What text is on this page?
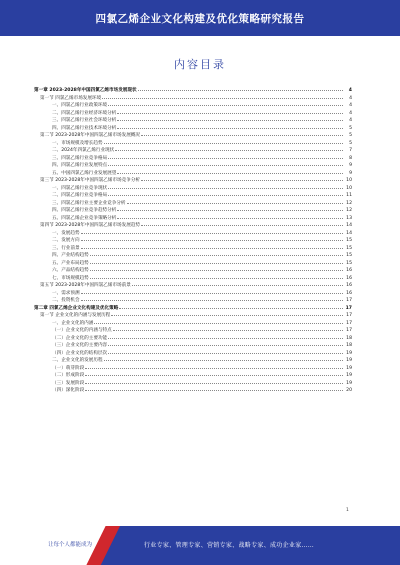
四氯乙烯企业文化构建及优化策略研究报告
内容目录
第一章 2023-2028年中国四氯乙烯市场发展现状	4
第一节 四氯乙烯市场发展环境	4
一、四氯乙烯行业政策环境	4
二、四氯乙烯行业经济环境分析	4
三、四氯乙烯行业社会环境分析	4
四、四氯乙烯行业技术环境分析	5
第二节 2023-2028年中国四氯乙烯市场发展概况	5
一、市场规模及增长趋势	5
二、2024年四氯乙烯行业现状	7
三、四氯乙烯行业竞争格局	8
四、四氯乙烯行业发展特点	9
五、中国四氯乙烯行业发展展望	9
第三节 2023-2028年中国四氯乙烯市场竞争分析	10
一、四氯乙烯行业竞争现状	10
二、四氯乙烯行业竞争格局	11
三、四氯乙烯行业主要企业竞争分析	12
四、四氯乙烯行业竞争趋势分析	12
五、四氯乙烯企业竞争策略分析	13
第四节 2023-2028年中国四氯乙烯市场发展趋势	14
一、发展趋势	14
二、发展方向	15
三、行业前景	15
四、产业结构趋势	15
五、产业布局趋势	15
六、产品结构趋势	16
七、市场规模趋势	16
第五节 2023-2028年中国四氯乙烯市场前景	16
一、需求预测	16
二、投资机会	17
第二章 四氯乙烯企业文化构建及优化策略	17
第一节 企业文化的内涵与发展历程	17
一、企业文化的内涵	17
（一）企业文化的内涵与特点	17
（二）企业文化的主要功能	18
（三）企业文化的主要内容	18
（四）企业文化的结构层次	19
二、企业文化的发展历程	19
（一）萌芽阶段	19
（二）形成阶段	19
（三）发展阶段	19
（四）深化阶段	20
1
让每个人都能成为	行业专家、管理专家、营销专家、战略专家、成功企业家……
